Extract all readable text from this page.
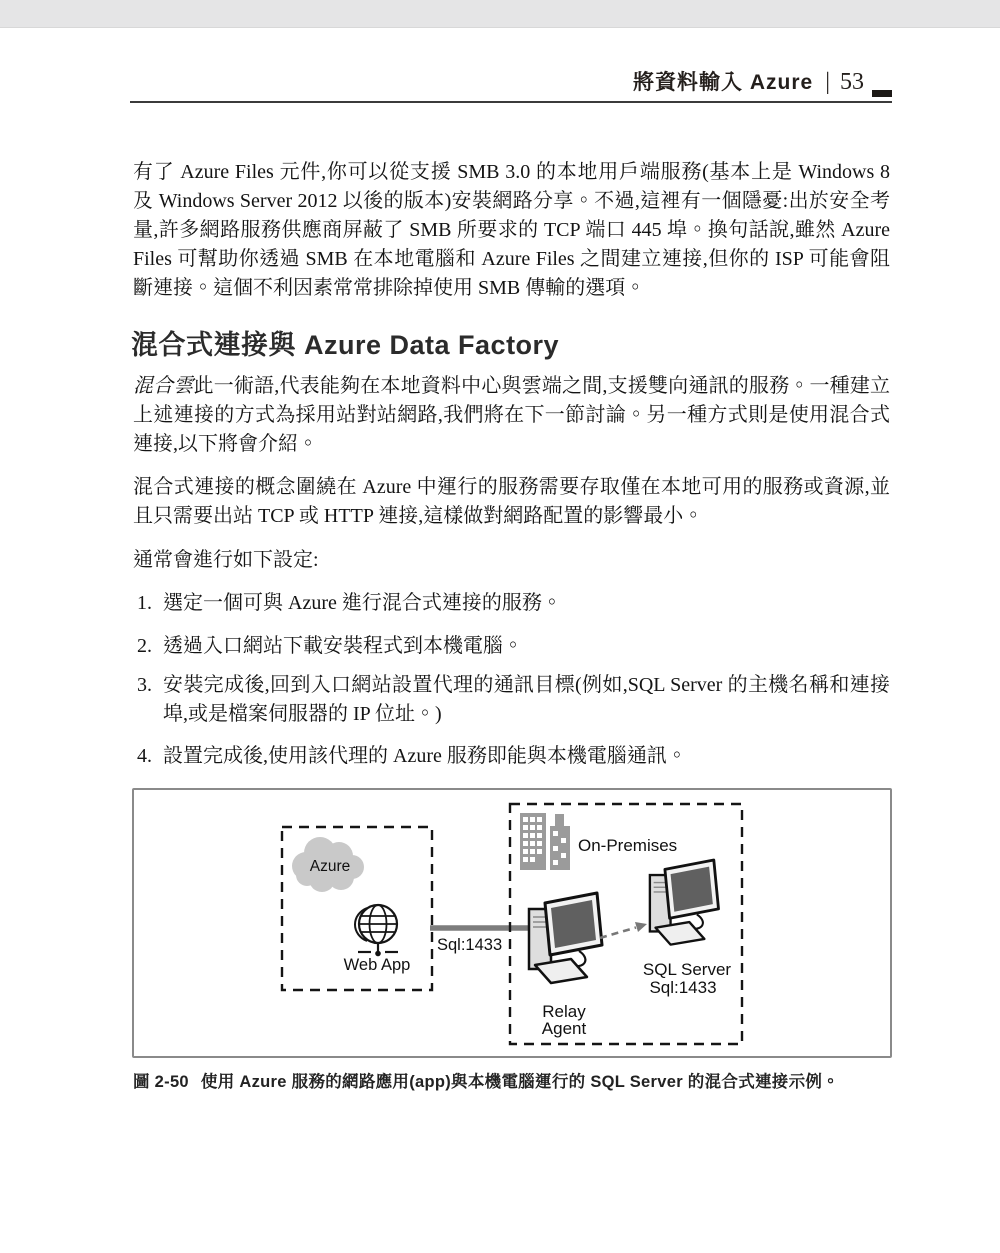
將資料輸入 Azure | 53
有了 Azure Files 元件,你可以從支援 SMB 3.0 的本地用戶端服務(基本上是 Windows 8 及 Windows Server 2012 以後的版本)安裝網路分享。不過,這裡有一個隱憂:出於安全考量,許多網路服務供應商屏蔽了 SMB 所要求的 TCP 端口 445 埠。換句話說,雖然 Azure Files 可幫助你透過 SMB 在本地電腦和 Azure Files 之間建立連接,但你的 ISP 可能會阻斷連接。這個不利因素常常排除掉使用 SMB 傳輸的選項。
混合式連接與 Azure Data Factory
混合雲此一術語,代表能夠在本地資料中心與雲端之間,支援雙向通訊的服務。一種建立上述連接的方式為採用站對站網路,我們將在下一節討論。另一種方式則是使用混合式連接,以下將會介紹。
混合式連接的概念圍繞在 Azure 中運行的服務需要存取僅在本地可用的服務或資源,並且只需要出站 TCP 或 HTTP 連接,這樣做對網路配置的影響最小。
通常會進行如下設定:
1. 選定一個可與 Azure 進行混合式連接的服務。
2. 透過入口網站下載安裝程式到本機電腦。
3. 安裝完成後,回到入口網站設置代理的通訊目標(例如,SQL Server 的主機名稱和連接埠,或是檔案伺服器的 IP 位址。)
4. 設置完成後,使用該代理的 Azure 服務即能與本機電腦通訊。
Azure
Web App
Sql:1433
On-Premises
Relay
Agent
SQL Server
Sql:1433
圖 2-50 使用 Azure 服務的網路應用(app)與本機電腦運行的 SQL Server 的混合式連接示例。
